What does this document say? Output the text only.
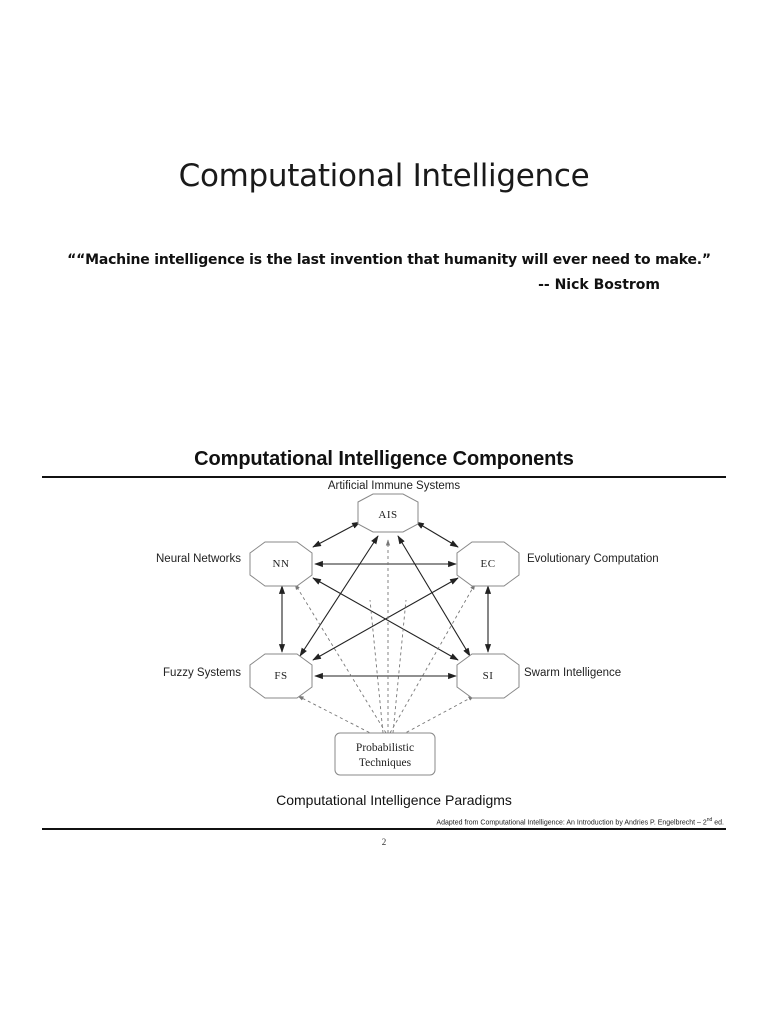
Computational Intelligence
““Machine intelligence is the last invention that humanity will ever need to make.”
-- Nick Bostrom
Computational Intelligence Components
AIS
NN	EC
FS	SI
Probabilistic
Techniques
Artificial Immune Systems
Neural Networks	Evolutionary Computation
Fuzzy Systems	Swarm Intelligence
Computational Intelligence Paradigms
Adapted from Computational Intelligence: An Introduction by Andries P. Engelbrecht – 2nd ed.
2
